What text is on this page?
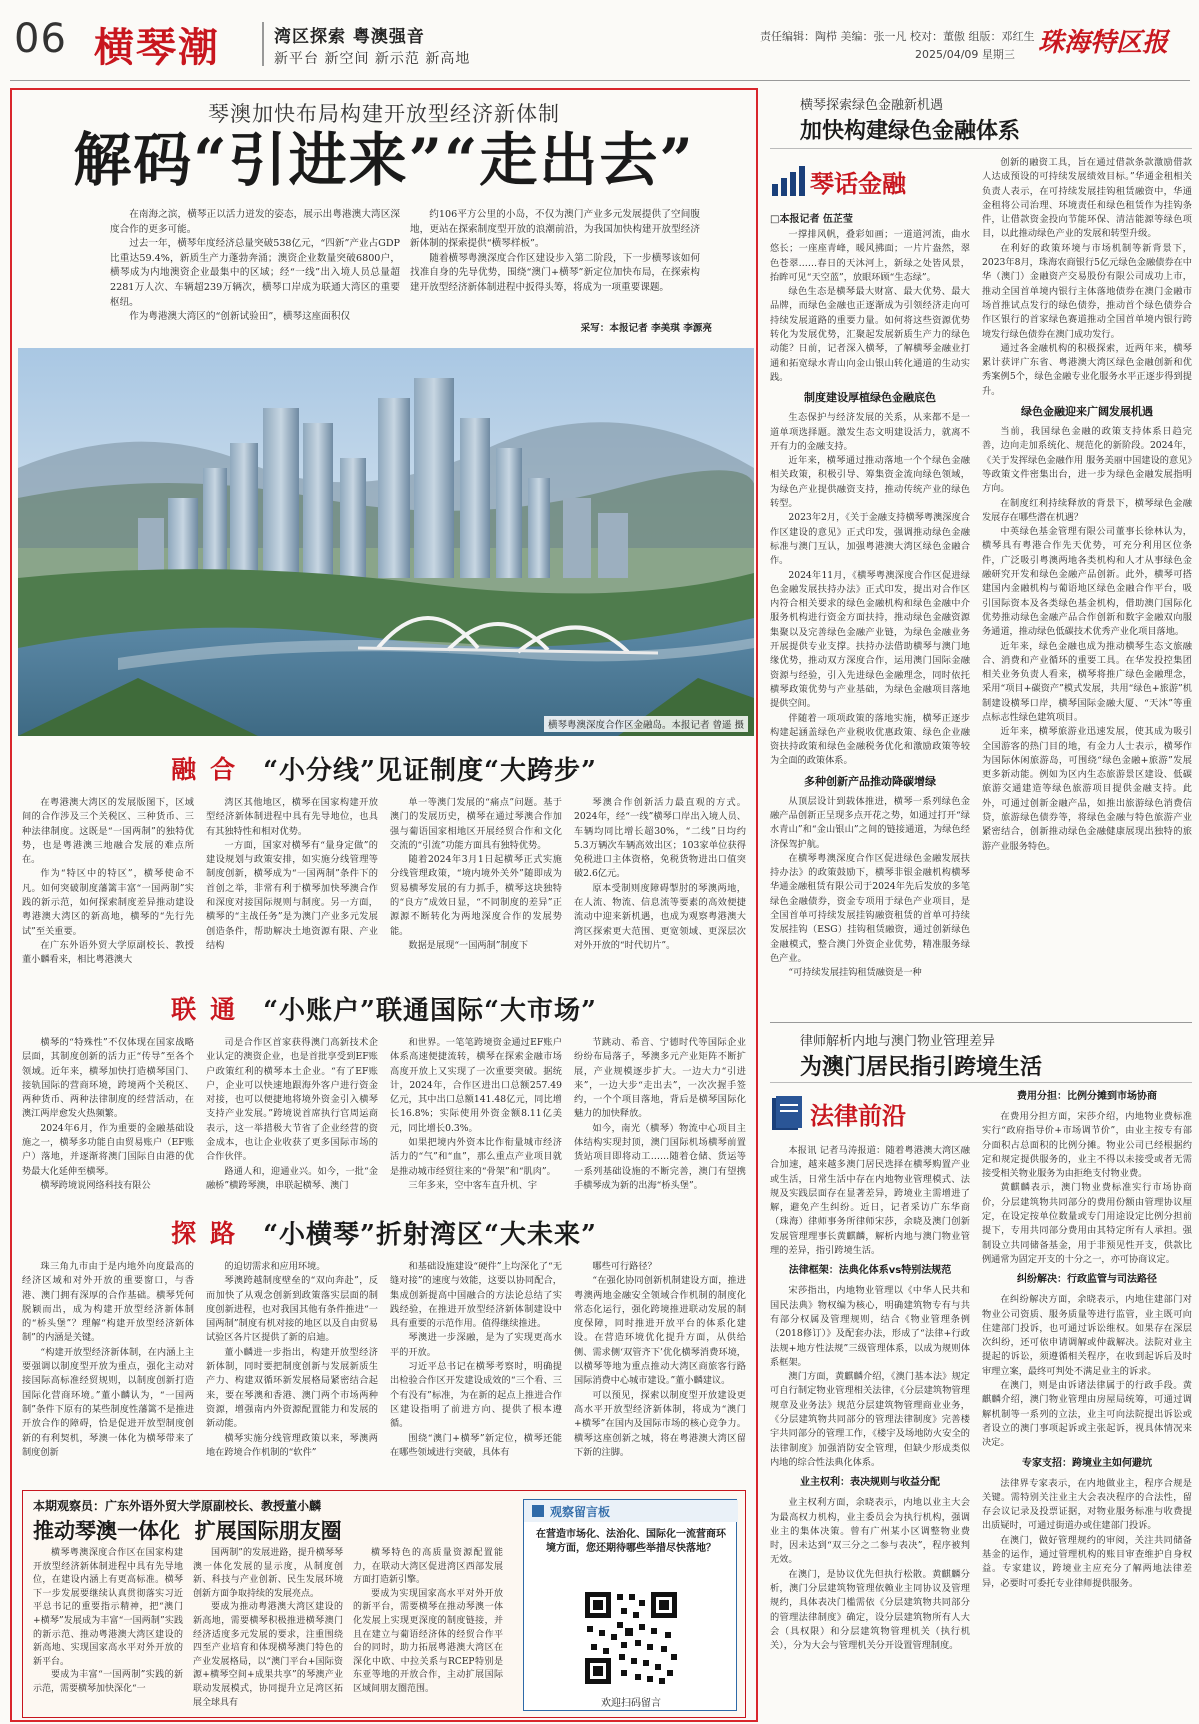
06 横琴潮	湾区探索 粤澳强音
新平台 新空间 新示范 新高地
责任编辑：陶栉 美编：张一凡 校对：董傲 组版：邓红生
2025/04/09 星期三 珠海特区报
琴澳加快布局构建开放型经济新体制
解码“引进来”“走出去”

在南海之滨，横琴正以活力迸发的姿态，展示出粤港澳大湾区深度合作的更多可能。

过去一年，横琴年度经济总量突破538亿元，“四新”产业占GDP比重达59.4%，新质生产力蓬勃奔涌；澳资企业数量突破6800户，横琴成为内地澳资企业最集中的区域；经“一线”出入境人员总量超2281万人次、车辆超239万辆次，横琴口岸成为联通大湾区的重要枢纽。

作为粤港澳大湾区的“创新试验田”，横琴这座面积仅

约106平方公里的小岛，不仅为澳门产业多元发展提供了空间腹地，更站在探索制度型开放的浪潮前沿，为我国加快构建开放型经济新体制的探索提供“横琴样板”。

随着横琴粤澳深度合作区建设步入第二阶段，下一步横琴该如何找准自身的先导优势，围绕“澳门+横琴”新定位加快布局，在探索构建开放型经济新体制进程中扳得头筹，将成为一项重要课题。

采写：本报记者 李美琪 李源亮
横琴粤澳深度合作区金融岛。本报记者 曾遥 摄
融合 “小分线”见证制度“大跨步”

在粤港澳大湾区的发展版图下，区域间的合作涉及三个关税区、三种货币、三种法律制度。这既是“一国两制”的独特优势，也是粤港澳三地融合发展的难点所在。

作为“特区中的特区”，横琴使命不凡。如何突破制度藩篱丰富“一国两制”实践的新示范，如何探索制度差异推动建设粤港澳大湾区的新高地，横琴的“先行先试”至关重要。

在广东外语外贸大学原副校长、教授董小麟看来，相比粤港澳大

湾区其他地区，横琴在国家构建开放型经济新体制进程中具有先导地位，也具有其独特性和相对优势。

一方面，国家对横琴有“量身定做”的建设规划与政策安排，如实施分线管理等制度创新，横琴成为“一国两制”条件下的首创之举，非常有利于横琴加快琴澳合作和深度对接国际规则与制度。另一方面，横琴的“主战任务”是为澳门产业多元发展创造条件，帮助解决土地资源有限、产业结构

单一等澳门发展的“痛点”问题。基于澳门的发展历史，横琴在通过琴澳合作加强与葡语国家相地区开展经贸合作和文化交流的“引流”功能方面具有独特优势。

随着2024年3月1日起横琴正式实施分线管理政策，“境内境外关外”随即成为贸易横琴发展的有力抓手，横琴这块独特的“良方”成效日显，“不同制度的差异”正源源不断转化为两地深度合作的发展势能。

数据是展现“一国两制”制度下

琴澳合作创新活力最直观的方式。2024年，经“一线”横琴口岸出入境人员、车辆均同比增长超30%，“二线”日均约5.3万辆次车辆高效出区；103家单位获得免税进口主体资格，免税货物进出口值突破2.6亿元。

原本受制则度障碍掣肘的琴澳两地，在人流、物流、信息流等要素的高效便捷流动中迎来新机遇，也成为观察粤港澳大湾区探索更大范围、更宽领域、更深层次对外开放的“时代切片”。

联通 “小账户”联通国际“大市场”

横琴的“特殊性”不仅体现在国家战略层面，其制度创新的活力正“传导”至各个领域。近年来，横琴加快打造横琴国门、接轨国际的营商环境，跨境两个关税区、两种货币、两种法律制度的经营活动，在澳江两岸愈发火热频繁。

2024年6月，作为重要的金融基础设施之一，横琴多功能自由贸易账户（EF账户）落地，并逐渐将澳门国际自由港的优势最大化延伸至横琴。

横琴跨境说网络科技有限公

司是合作区首家获得澳门高新技术企业认定的澳资企业，也是首批享受到EF账户政策红利的横琴本土企业。“有了EF账户，企业可以快速地跟海外客户进行资金对接，也可以便捷地将境外资金引入横琴支持产业发展。”跨境说首席执行官周运商表示，这一举措极大节省了企业经营的资金成本，也让企业收获了更多国际市场的合作伙伴。

路通人和，迎通业兴。如今，一批“金融桥”横跨琴澳，串联起横琴、澳门

和世界。一笔笔跨境资金通过EF账户体系高速便捷流转，横琴在探索金融市场高度开放上又实现了一次重要突破。据统计，2024年，合作区进出口总额257.49亿元，其中出口总额141.48亿元，同比增长16.8%；实际使用外资金额8.11亿美元，同比增长0.3%。

如果把境内外资本比作衔量城市经济活力的“气”和“血”，那么重点产业项目就是推动城市经贸往来的“骨架”和“肌肉”。

三年多来，空中客车直升机、宇

节跳动、希音、宁德时代等国际企业纷纷布局落子，琴澳多元产业矩阵不断扩展，产业规模逐步扩大。一边大力“引进来”，一边大步“走出去”，一次次握手签约，一个个项目落地，背后是横琴国际化魅力的加快释放。

如今，南光（横琴）物流中心项目主体结构实现封顶，澳门国际机场横琴前置货站项目即将动工……随着仓储、货运等一系列基础设施的不断完善，澳门有望携手横琴成为新的出海“桥头堡”。

探路 “小横琴”折射湾区“大未来”

珠三角九市由于是内地外向度最高的经济区域和对外开放的重要窗口，与香港、澳门拥有深厚的合作基础。横琴凭何脱颖而出，成为构建开放型经济新体制的“桥头堡”？理解“构建开放型经济新体制”的内涵是关键。

“构建开放型经济新体制，在内涵上主要强调以制度型开放为重点，强化主动对接国际高标准经贸规则，以制度创新打造国际化营商环境。”董小麟认为，“一国两制”条件下原有的某些制度性藩篱不是推进开放合作的障碍，恰是促进开放型制度创新的有利契机，琴澳一体化为横琴带来了制度创新

的迫切需求和应用环境。

琴澳跨越制度壁垒的“双向奔赴”，反而加快了从观念创新到政策落实层面的制度创新进程，也对我国其他有条件推进“一国两制”制度有机对接的地区以及自由贸易试验区各片区提供了新的启迪。

董小麟进一步指出，构建开放型经济新体制，同时要把制度创新与发展新质生产力、构建双循环新发展格局紧密结合起来，要在琴澳和香港、澳门两个市场两种资源，增强南内外资源配置能力和发展的新动能。

横琴实施分线管理政策以来，琴澳两地在跨境合作机制的“软件”

和基础设施建设“硬件”上均深化了“无缝对接”的速度与效能，这要以协同配合，集成创新提高中国融合的方法论总结了实践经验，在推进开放型经济新体制建设中具有重要的示范作用。值得继续推进。

琴澳进一步深融，是为了实现更高水平的开放。

习近平总书记在横琴考察时，明确提出检验合作区开发建设成效的“三个看、三个有没有”标准，为在新的起点上推进合作区建设指明了前进方向、提供了根本遵循。

围绕“澳门+横琴”新定位，横琴还能在哪些领域进行突破，具体有

哪些可行路径？

“在强化协同创新机制建设方面，推进粤澳两地金融安全领域合作机制的制度化常态化运行，强化跨境推进联动发展的制度保障，同时推进开放平台的体系化建设。在营造环境优化提升方面，从供给侧、需求侧‘双管齐下’优化横琴消费环境，以横琴等地为重点推动大湾区商旅客行路国际消费中心城市建设。”董小麟建议。

可以预见，探索以制度型开放建设更高水平开放型经济新体制，将成为“澳门+横琴”在国内及国际市场的核心竞争力。横琴这座创新之城，将在粤港澳大湾区留下新的注脚。

本期观察员：广东外语外贸大学原副校长、教授董小麟
推动琴澳一体化  扩展国际朋友圈

横琴粤澳深度合作区在国家构建开放型经济新体制进程中具有先导地位，在建设内涵上有更高标准。横琴下一步发展要继续认真贯彻落实习近平总书记的重要指示精神，把“澳门+横琴”发展成为丰富“一国两制”实践的新示范、推动粤港澳大湾区建设的新高地、实现国家高水平对外开放的新平台。

要成为丰富“一国两制”实践的新示范，需要横琴加快深化“一

国两制”的发展进路，提升横琴琴澳一体化发展的显示度，从制度创新、科技与产业创新、民生发展环境创新方面争取持续的发展亮点。

要成为推动粤港澳大湾区建设的新高地，需要横琴积极推进横琴澳门经济适度多元发展的要求，注重围绕四至产业培育和体现横琴澳门特色的产业发展格局，以“澳门平台+国际资源+横琴空间+成果共享”的琴澳产业联动发展模式，协同提升立足湾区拓展全球具有

横琴特色的高质量资源配置能力，在联动大湾区促进湾区西部发展方面打造新引擎。

要成为实现国家高水平对外开放的新平台，需要横琴在推动琴澳一体化发展上实现更深度的制度链接，并且在建立与葡语经济体的经贸合作平台的同时，助力拓展粤港澳大湾区在深化中欧、中拉关系与RCEP特别是东亚等地的开放合作，主动扩展国际区域间朋友圈范围。

观察留言板
在营造市场化、法治化、国际化一流营商环境方面，您还期待哪些举措尽快落地？
欢迎扫码留言
横琴探索绿色金融新机遇
加快构建绿色金融体系
琴话金融
□本报记者 伍芷莹

一撑排风帆，叠彩如画；一道道河流，曲水悠长；一座座青峰，暖风拂面；一片片盎然，翠色苍翠……春日的天沐河上，新绿之处皆风景，抬眸可见“天空蓝”，放眼环顾“生态绿”。

绿色生态是横琴最大财富、最大优势、最大品牌，而绿色金融也正逐渐成为引领经济走向可持续发展道路的重要力量。如何将这些资源优势转化为发展优势，汇聚起发展新质生产力的绿色动能？日前，记者深入横琴，了解横琴金融业打通和拓宽绿水青山向金山银山转化通道的生动实践。

制度建设厚植绿色金融底色

生态保护与经济发展的关系，从来都不是一道单项选择题。激发生态文明建设活力，就离不开有力的金融支持。

近年来，横琴通过推动落地一个个绿色金融相关政策，积极引导、筹集资金流向绿色领域，为绿色产业提供融资支持，推动传统产业的绿色转型。

2023年2月，《关于金融支持横琴粤澳深度合作区建设的意见》正式印发，强调推动绿色金融标准与澳门互认，加强粤港澳大湾区绿色金融合作。

2024年11月，《横琴粤澳深度合作区促进绿色金融发展扶持办法》正式印发，提出对合作区内符合相关要求的绿色金融机构和绿色金融中介服务机构进行资金方面扶持，推动绿色金融资源集聚以及完善绿色金融产业链，为绿色金融业务开展提供专业支撑。扶持办法借助横琴与澳门地缘优势，推动双方深度合作，运用澳门国际金融资源与经验，引入先进绿色金融理念，同时依托横琴政策优势与产业基础，为绿色金融项目落地提供空间。

伴随着一项项政策的落地实施，横琴正逐步构建起涵盖绿色产业税收优惠政策、绿色企业融资扶持政策和绿色金融税务优化和激励政策等较为全面的政策体系。

多种创新产品推动降碳增绿

从顶层设计到载体推进，横琴一系列绿色金融产品创新正呈现多点开花之势，如通过打开“绿水青山”和“金山银山”之间的链接通道，为绿色经济保驾护航。

在横琴粤澳深度合作区促进绿色金融发展扶持办法》的政策鼓励下，横琴非银金融机构横琴华通金融租赁有限公司于2024年先后发放的多笔绿色金融债券，资金专项用于绿色产业项目，是全国首单可持续发展挂钩融资租赁的首单可持续发展挂钩（ESG）挂钩租赁融资，通过创新绿色金融模式，整合澳门外资企业优势，精准服务绿色产业。

“可持续发展挂钩租赁融资是一种

创新的融资工具，旨在通过借款条款激励借款人达成预设的可持续发展绩效目标。”华通金租相关负责人表示，在可持续发展挂钩租赁融资中，华通金租将公司治理、环境责任和绿色租赁作为挂钩条件，让借款资金投向节能环保、清洁能源等绿色项目，以此推动绿色产业的发展和转型升级。

在利好的政策环境与市场机制等新背景下，2023年8月，珠海农商银行5亿元绿色金融债券在中华（澳门）金融资产交易股份有限公司成功上市，推动全国首单境内银行主体落地债券在澳门金融市场首推试点发行的绿色债券，推动首个绿色债券合作区银行的首家绿色赛道推动全国首单境内银行跨境发行绿色债券在澳门成功发行。

通过各金融机构的积极探索，近两年来，横琴累计获评广东省、粤港澳大湾区绿色金融创新和优秀案例5个，绿色金融专业化服务水平正逐步得到提升。

绿色金融迎来广阔发展机遇

当前，我国绿色金融的政策支持体系日趋完善，边向走加系统化、规范化的新阶段。2024年，《关于发挥绿色金融作用 服务美丽中国建设的意见》等政策文件密集出台，进一步为绿色金融发展指明方向。

在制度红利持续释放的背景下，横琴绿色金融发展存在哪些潜在机遇？

中英绿色基金管理有限公司董事长徐林认为，横琴具有粤港合作先天优势，可充分利用区位条件，广泛吸引粤澳两地各类机构和人才从事绿色金融研究开发和绿色金融产品创新。此外，横琴可搭建国内金融机构与葡语地区绿色金融合作平台，吸引国际资本及各类绿色基金机构，借助澳门国际化优势推动绿色金融产品合作创新和数字金融双向服务通道，推动绿色低碳技术优秀产业化项目落地。

近年来，绿色金融也成为推动横琴生态文旅融合、消费和产业循环的重要工具。在华发投控集团相关业务负责人看来，横琴将推广绿色金融理念，采用“项目+碳资产”模式发展，共用“绿色+旅游”机制建设横琴口岸，横琴国际金融大厦、“天沐”等重点标志性绿色建筑项目。

近年来，横琴旅游业迅速发展，使其成为吸引全国游客的热门目的地，有金力人士表示，横琴作为国际休闲旅游岛，可围绕“绿色金融+旅游”发展更多新动能。例如为区内生态旅游景区建设、低碳旅游交通建造等绿色旅游项目提供金融支持。此外，可通过创新金融产品，如推出旅游绿色消费信贷，旅游绿色债券等，将绿色金融与特色旅游产业紧密结合，创新推动绿色金融健康展现出独特的旅游产业服务特色。

律师解析内地与澳门物业管理差异
为澳门居民指引跨境生活
法律前沿

本报讯 记者马涛报道：随着粤港澳大湾区融合加速，越来越多澳门居民选择在横琴购置产业或生活，日常生活中存在内地物业管理模式、法规及实践层面存在显著差异，跨境业主需增进了解，避免产生纠纷。近日，记者采访广东华商（珠海）律师事务所律师宋莎，余晓及澳门创新发展管理理事长黄麒麟，解析内地与澳门物业管理的差异，指引跨境生活。

法律框架：法典化体系vs特别法规范

宋莎指出，内地物业管理以《中华人民共和国民法典》物权编为核心，明确建筑物专有与共有部分权属及管理规则，结合《物业管理条例（2018修订）》及配套办法，形成了“法律+行政法规+地方性法规”三级管理体系，以成为规则体系框架。

澳门方面，黄麒麟介绍，《澳门基本法》规定可自行制定物业管理相关法律，《分层建筑物管理规章及业务法》规范分层建筑物管理商业业务，《分层建筑物共同部分的管理法律制度》完善楼宇共同部分的管理工作，《楼宇及场地防火安全的法律制度》加强消防安全管理，但缺少形成类似内地的综合性法典化体系。

业主权利：表决规则与收益分配

业主权利方面，余晓表示，内地以业主大会为最高权力机构，业主委员会为执行机构，强调业主的集体决策。曾有广州某小区调整物业费时，因未达到“双三分之二参与表决”，程序被判无效。

在澳门，是协议优先但执行松散。黄麒麟分析，澳门分层建筑物管理依赖业主同协议及管理规约，具体表决门槛需依《分层建筑物共同部分的管理法律制度》确定，设分层建筑物所有人大会（具权限）和分层建筑物管理机关（执行机关），分为大会与管理机关分开设置管理制度。

费用分担：比例分摊到市场协商

在费用分担方面，宋莎介绍，内地物业费标准实行“政府指导价+市场调节价”，由业主按专有部分面积占总面积的比例分摊。物业公司已经根据约定和规定提供服务的，业主不得以未接受或者无需接受相关物业服务为由拒绝支付物业费。

黄麒麟表示，澳门物业费标准实行市场协商价，分层建筑物共同部分的费用份额由管理协议厘定，在设定按单位数量或专门用途设定比例分担前提下，专用共同部分费用由其特定所有人承担。强制设立共同储备基金，用于非预见性开支，供款比例通常为固定开支的十分之一，亦可协商议定。

纠纷解决：行政监管与司法路径

在纠纷解决方面，余晓表示，内地住建部门对物业公司资质、服务质量等进行监管，业主既可向住建部门投诉，也可通过诉讼维权。如果存在深层次纠纷，还可依申请调解或仲裁解决。法院对业主提起的诉讼，须遵循相关程序，在收到起诉后及时审理立案，最终可判处不满足业主的诉求。

在澳门，则是由诉诸法律属于的行政手段。黄麒麟介绍，澳门物业管理由房屋局统筹，可通过调解机制等一系列的立法，业主可向法院提出诉讼或者设立的澳门事项起诉或主张起诉，视具体情况来决定。

专家支招：跨境业主如何避坑

法律界专家表示，在内地做业主，程序合规是关键。需特别关注业主大会表决程序的合法性，留存会议记录及投票证据，对物业服务标准与收费提出质疑时，可通过街道办或住建部门投诉。

在澳门，做好管理规约的审阅，关注共同储备基金的运作，通过管理机构的账目审查维护自身权益。专家建议，跨境业主应充分了解两地法律差异，必要时可委托专业律师提供服务。
